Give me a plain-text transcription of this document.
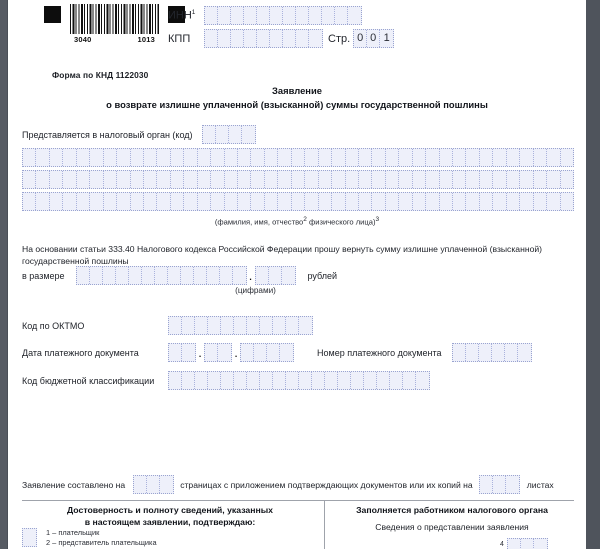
3040	1013
ИНН$^1$
КПП	Стр. 0 0 1
Форма по КНД 1122030
Заявление
о возврате излишне уплаченной (взысканной) суммы государственной пошлины
Представляется в налоговый орган (код)
(фамилия, имя, отчество2 физического лица)3
На основании статьи 333.40 Налогового кодекса Российской Федерации прошу вернуть сумму излишне уплаченной (взысканной) государственной пошлины
в размере	.	рублей
(цифрами)
Код по ОКТМО
Дата платежного документа	. .	Номер платежного документа
Код бюджетной классификации
Заявление составлено на	страницах с приложением подтверждающих документов или их копий на	листах
Достоверность и полноту сведений, указанных
в настоящем заявлении, подтверждаю:
1 – плательщик
2 – представитель плательщика
Заполняется работником налогового органа
Сведения о представлении заявления
4
